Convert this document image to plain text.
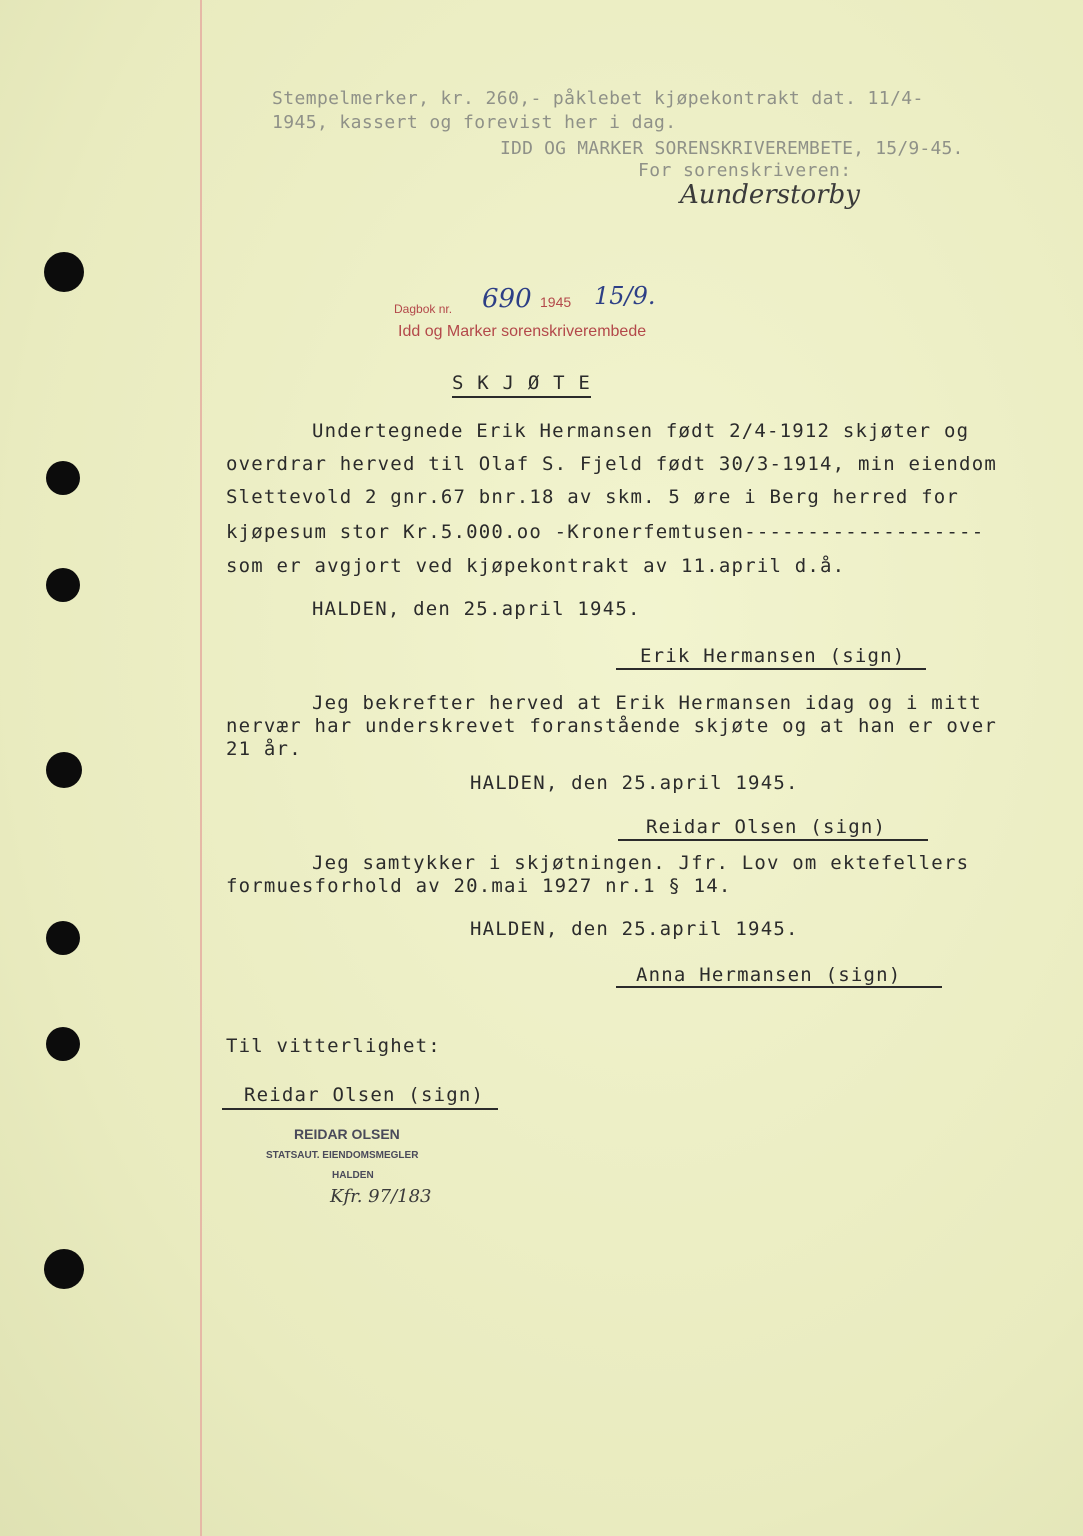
Stempelmerker, kr. 260,- påklebet kjøpekontrakt dat. 11/4-
1945, kassert og forevist her i dag.
IDD OG MARKER SORENSKRIVEREMBETE, 15/9-45.
For sorenskriveren:
Aunderstorby
Dagbok nr. 690 1945 15/9.
Idd og Marker sorenskriverembede
S K J Ø T E
Undertegnede Erik Hermansen født 2/4-1912 skjøter og
overdrar herved til Olaf S. Fjeld født 30/3-1914, min eiendom
Slettevold 2 gnr.67 bnr.18 av skm. 5 øre i Berg herred for
kjøpesum stor Kr.5.000.oo -Kronerfemtusen-------------------
som er avgjort ved kjøpekontrakt av 11.april d.å.
HALDEN, den 25.april 1945.
Erik Hermansen (sign)
Jeg bekrefter herved at Erik Hermansen idag og i mitt
nervær har underskrevet foranstående skjøte og at han er over
21 år.
HALDEN, den 25.april 1945.
Reidar Olsen (sign)
Jeg samtykker i skjøtningen. Jfr. Lov om ektefellers
formuesforhold av 20.mai 1927 nr.1 § 14.
HALDEN, den 25.april 1945.
Anna Hermansen (sign)
Til vitterlighet:
Reidar Olsen (sign)
REIDAR OLSEN
STATSAUT. EIENDOMSMEGLER
HALDEN
Kfr. 97/183
